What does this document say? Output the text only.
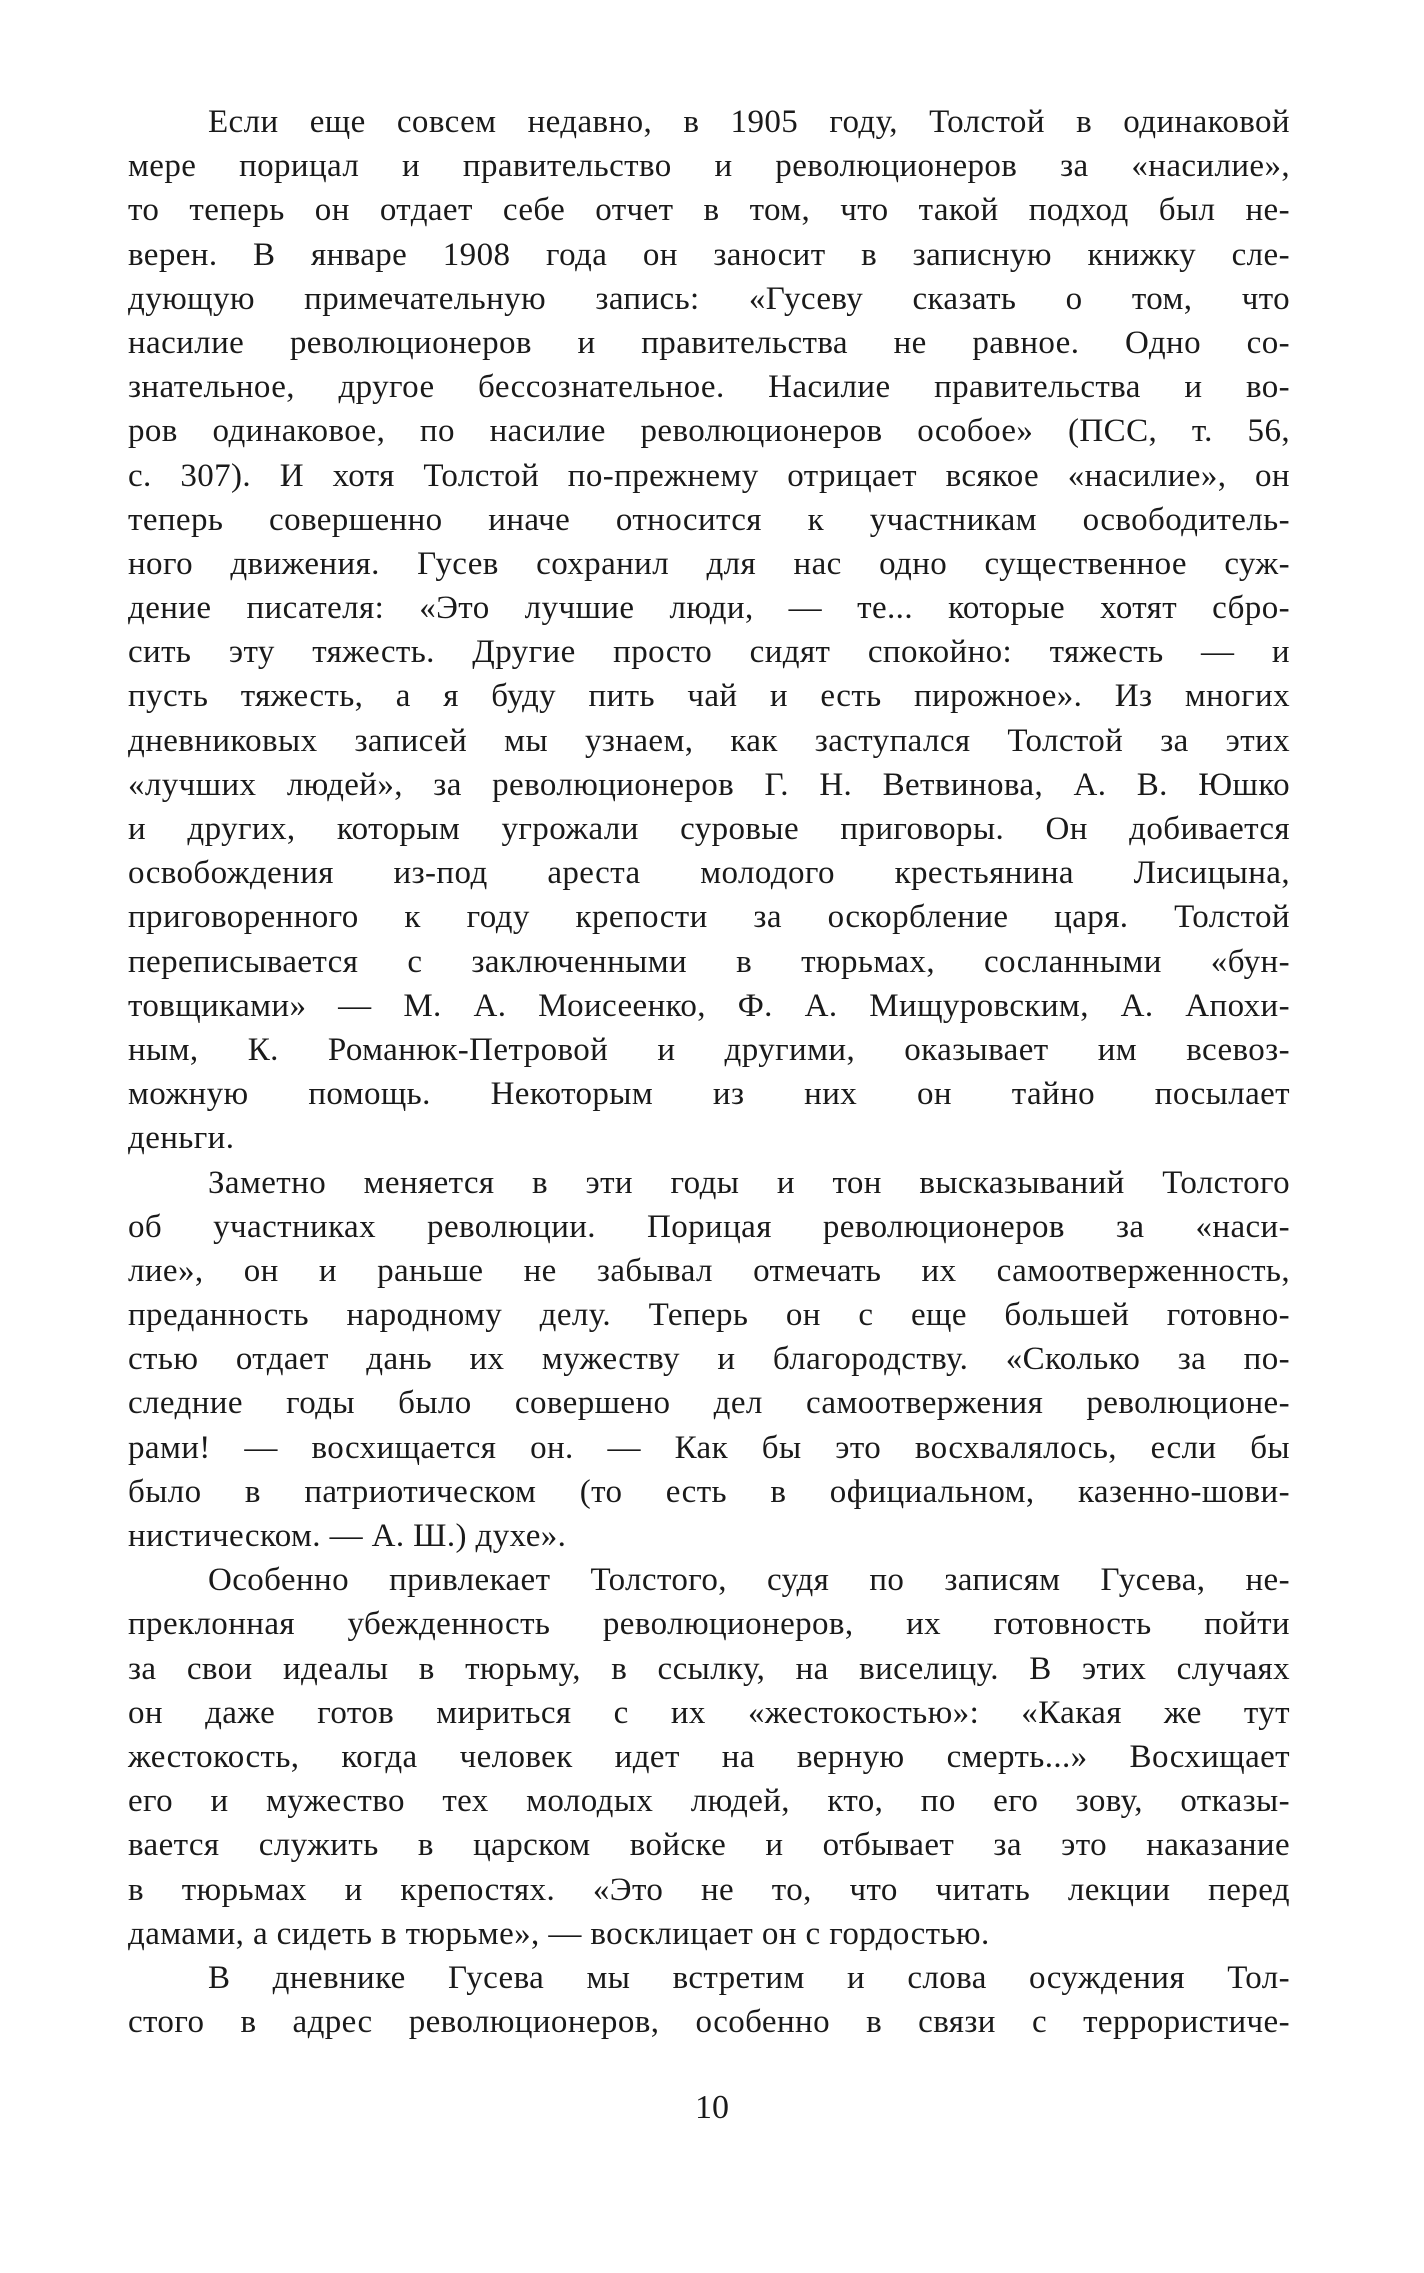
Если еще совсем недавно, в 1905 году, Толстой в одинаковой
мере порицал и правительство и революционеров за «насилие»,
то теперь он отдает себе отчет в том, что такой подход был не-
верен. В январе 1908 года он заносит в записную книжку сле-
дующую примечательную запись: «Гусеву сказать о том, что
насилие революционеров и правительства не равное. Одно со-
знательное, другое бессознательное. Насилие правительства и во-
ров одинаковое, по насилие революционеров особое» (ПСС, т. 56,
с. 307). И хотя Толстой по-прежнему отрицает всякое «насилие», он
теперь совершенно иначе относится к участникам освободитель-
ного движения. Гусев сохранил для нас одно существенное суж-
дение писателя: «Это лучшие люди, — те... которые хотят сбро-
сить эту тяжесть. Другие просто сидят спокойно: тяжесть — и
пусть тяжесть, а я буду пить чай и есть пирожное». Из многих
дневниковых записей мы узнаем, как заступался Толстой за этих
«лучших людей», за революционеров Г. Н. Ветвинова, А. В. Юшко
и других, которым угрожали суровые приговоры. Он добивается
освобождения из-под ареста молодого крестьянина Лисицына,
приговоренного к году крепости за оскорбление царя. Толстой
переписывается с заключенными в тюрьмах, сосланными «бун-
товщиками» — М. А. Моисеенко, Ф. А. Мищуровским, А. Апохи-
ным, К. Романюк-Петровой и другими, оказывает им всевоз-
можную помощь. Некоторым из них он тайно посылает
деньги.
Заметно меняется в эти годы и тон высказываний Толстого
об участниках революции. Порицая революционеров за «наси-
лие», он и раньше не забывал отмечать их самоотверженность,
преданность народному делу. Теперь он с еще большей готовно-
стью отдает дань их мужеству и благородству. «Сколько за по-
следние годы было совершено дел самоотвержения революционе-
рами! — восхищается он. — Как бы это восхвалялось, если бы
было в патриотическом (то есть в официальном, казенно-шови-
нистическом. — А. Ш.) духе».
Особенно привлекает Толстого, судя по записям Гусева, не-
преклонная убежденность революционеров, их готовность пойти
за свои идеалы в тюрьму, в ссылку, на виселицу. В этих случаях
он даже готов мириться с их «жестокостью»: «Какая же тут
жестокость, когда человек идет на верную смерть...» Восхищает
его и мужество тех молодых людей, кто, по его зову, отказы-
вается служить в царском войске и отбывает за это наказание
в тюрьмах и крепостях. «Это не то, что читать лекции перед
дамами, а сидеть в тюрьме», — восклицает он с гордостью.
В дневнике Гусева мы встретим и слова осуждения Тол-
стого в адрес революционеров, особенно в связи с террористиче-
10
